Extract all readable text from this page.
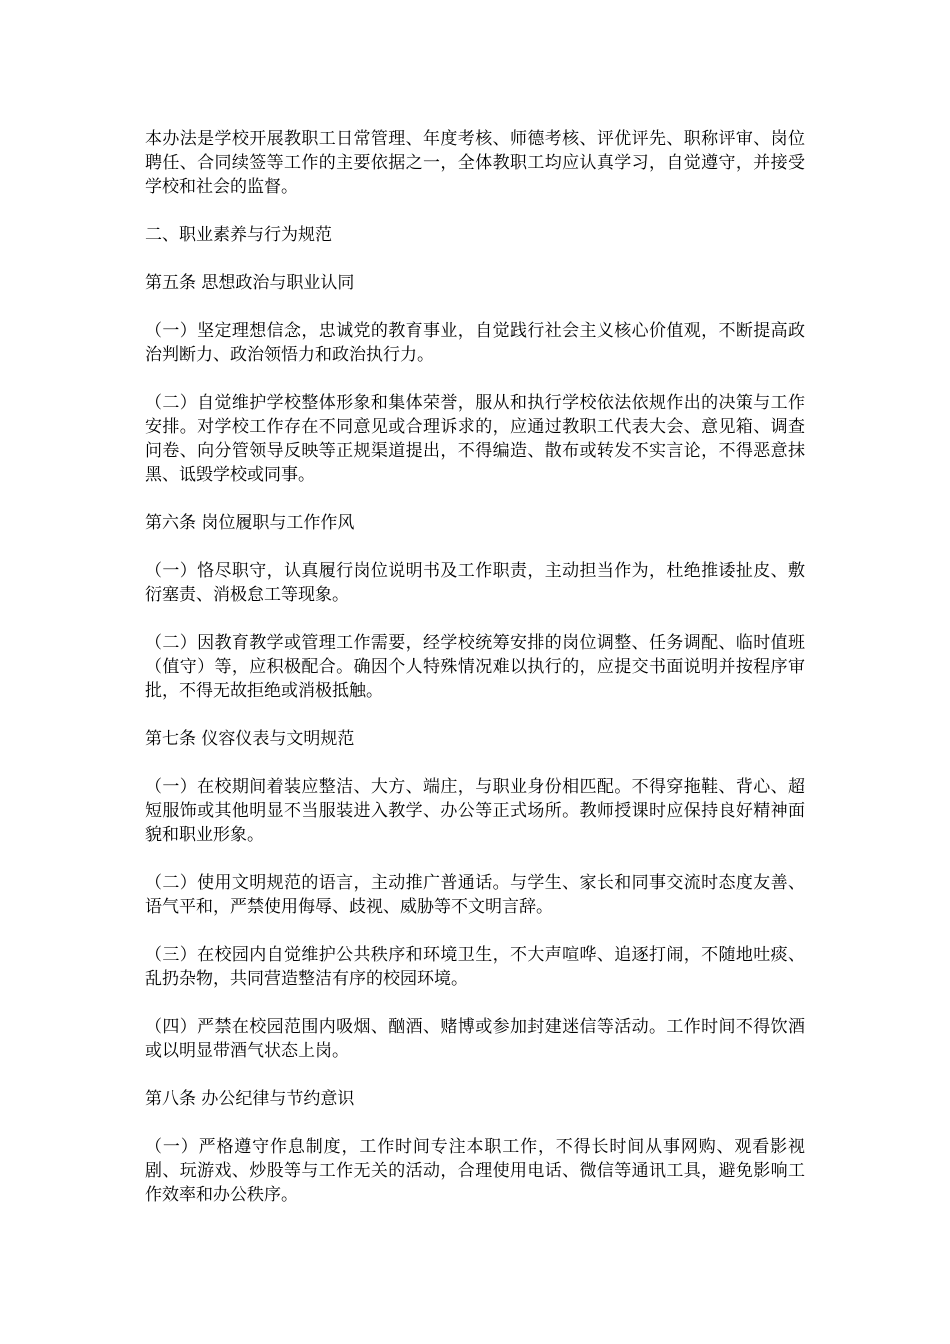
本办法是学校开展教职工日常管理、年度考核、师德考核、评优评先、职称评审、岗位聘任、合同续签等工作的主要依据之一，全体教职工均应认真学习，自觉遵守，并接受学校和社会的监督。

二、职业素养与行为规范

第五条 思想政治与职业认同

（一）坚定理想信念，忠诚党的教育事业，自觉践行社会主义核心价值观，不断提高政治判断力、政治领悟力和政治执行力。

（二）自觉维护学校整体形象和集体荣誉，服从和执行学校依法依规作出的决策与工作安排。对学校工作存在不同意见或合理诉求的，应通过教职工代表大会、意见箱、调查问卷、向分管领导反映等正规渠道提出，不得编造、散布或转发不实言论，不得恶意抹黑、诋毁学校或同事。

第六条 岗位履职与工作作风

（一）恪尽职守，认真履行岗位说明书及工作职责，主动担当作为，杜绝推诿扯皮、敷衍塞责、消极怠工等现象。

（二）因教育教学或管理工作需要，经学校统筹安排的岗位调整、任务调配、临时值班（值守）等，应积极配合。确因个人特殊情况难以执行的，应提交书面说明并按程序审批，不得无故拒绝或消极抵触。

第七条 仪容仪表与文明规范

（一）在校期间着装应整洁、大方、端庄，与职业身份相匹配。不得穿拖鞋、背心、超短服饰或其他明显不当服装进入教学、办公等正式场所。教师授课时应保持良好精神面貌和职业形象。

（二）使用文明规范的语言，主动推广普通话。与学生、家长和同事交流时态度友善、语气平和，严禁使用侮辱、歧视、威胁等不文明言辞。

（三）在校园内自觉维护公共秩序和环境卫生，不大声喧哗、追逐打闹，不随地吐痰、乱扔杂物，共同营造整洁有序的校园环境。

（四）严禁在校园范围内吸烟、酗酒、赌博或参加封建迷信等活动。工作时间不得饮酒或以明显带酒气状态上岗。

第八条 办公纪律与节约意识

（一）严格遵守作息制度，工作时间专注本职工作，不得长时间从事网购、观看影视剧、玩游戏、炒股等与工作无关的活动，合理使用电话、微信等通讯工具，避免影响工作效率和办公秩序。
